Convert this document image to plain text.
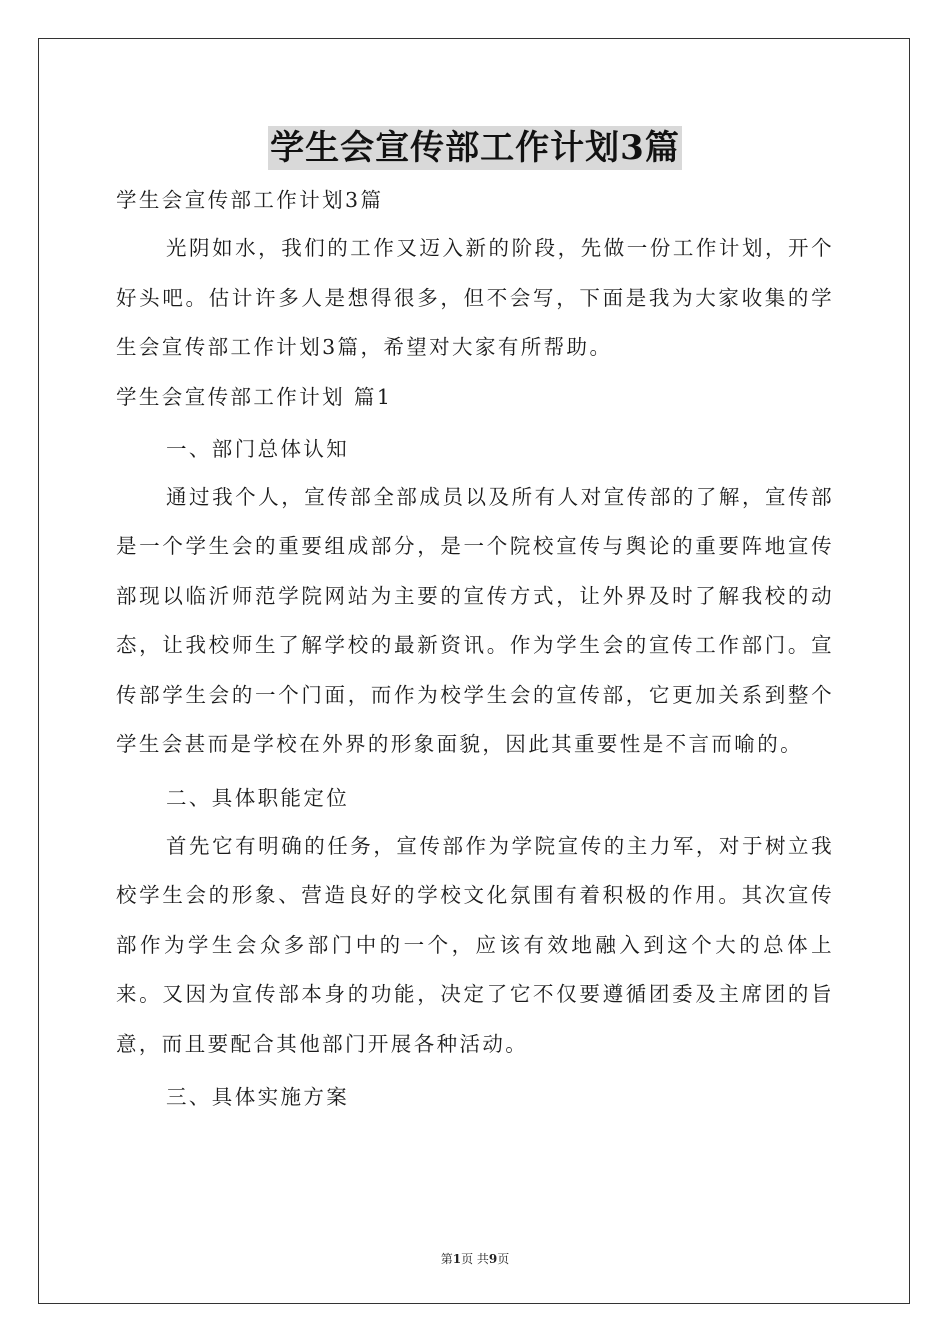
学生会宣传部工作计划3篇
学生会宣传部工作计划3篇

光阴如水，我们的工作又迈入新的阶段，先做一份工作计划，开个好头吧。估计许多人是想得很多，但不会写，下面是我为大家收集的学生会宣传部工作计划3篇，希望对大家有所帮助。

学生会宣传部工作计划 篇1
一、部门总体认知

通过我个人，宣传部全部成员以及所有人对宣传部的了解，宣传部是一个学生会的重要组成部分，是一个院校宣传与舆论的重要阵地宣传部现以临沂师范学院网站为主要的宣传方式，让外界及时了解我校的动态，让我校师生了解学校的最新资讯。作为学生会的宣传工作部门。宣传部学生会的一个门面，而作为校学生会的宣传部，它更加关系到整个学生会甚而是学校在外界的形象面貌，因此其重要性是不言而喻的。

二、具体职能定位

首先它有明确的任务，宣传部作为学院宣传的主力军，对于树立我校学生会的形象、营造良好的学校文化氛围有着积极的作用。其次宣传部作为学生会众多部门中的一个，应该有效地融入到这个大的总体上来。又因为宣传部本身的功能，决定了它不仅要遵循团委及主席团的旨意，而且要配合其他部门开展各种活动。

三、具体实施方案
第1页 共9页
